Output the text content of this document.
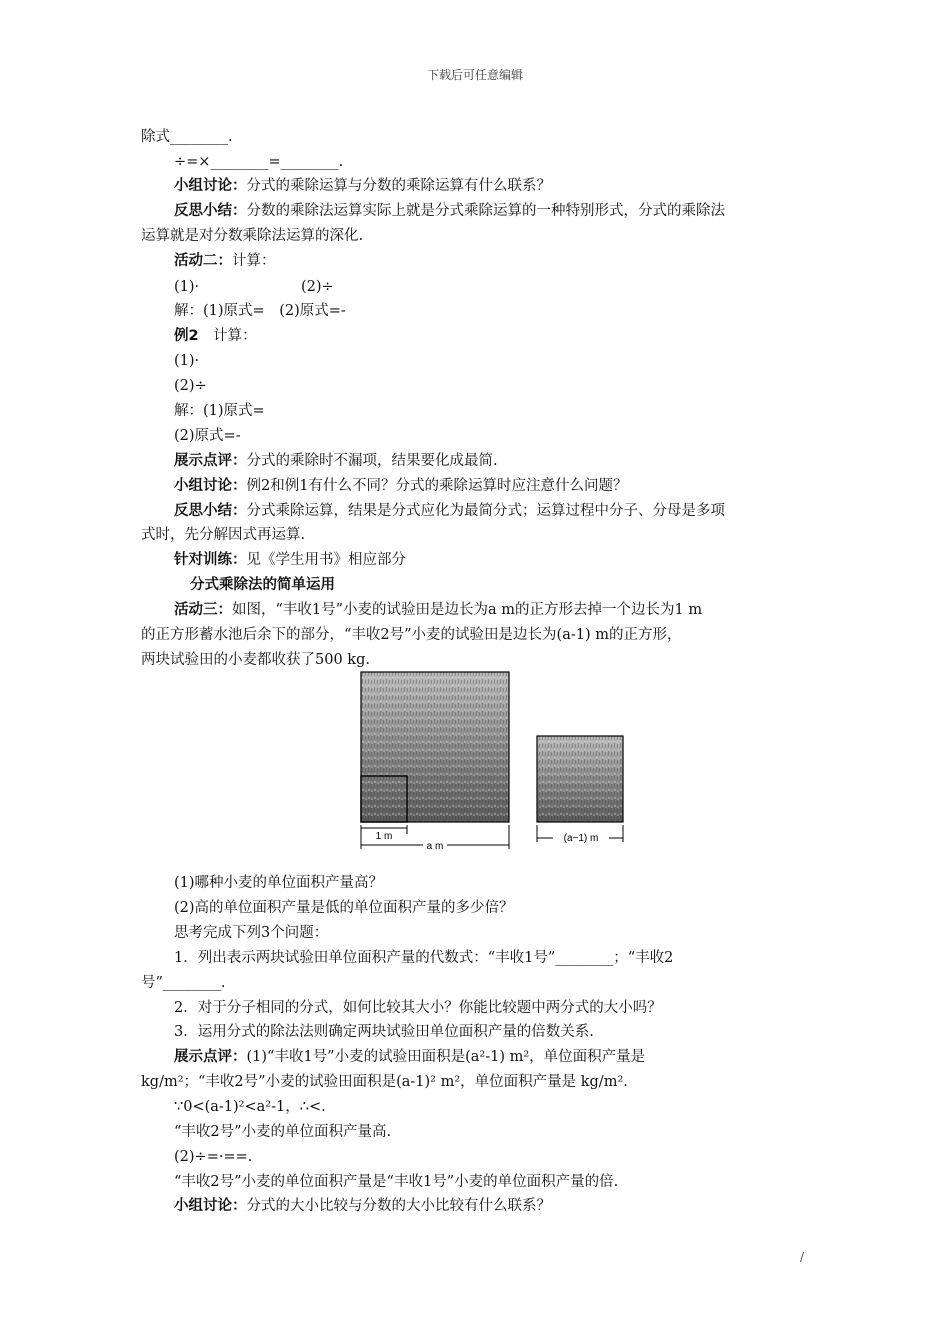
下载后可任意编辑
除式________.
÷=×________=________.
小组讨论：分式的乘除运算与分数的乘除运算有什么联系？
反思小结：分数的乘除法运算实际上就是分式乘除运算的一种特别形式，分式的乘除法
运算就是对分数乘除法运算的深化.
活动二：计算：
(1)·	(2)÷
解：(1)原式=　(2)原式=-
例2　计算：
(1)·
(2)÷
解：(1)原式=
(2)原式=-
展示点评：分式的乘除时不漏项，结果要化成最简.
小组讨论：例2和例1有什么不同？分式的乘除运算时应注意什么问题？
反思小结：分式乘除运算，结果是分式应化为最简分式；运算过程中分子、分母是多项
式时，先分解因式再运算.
针对训练：见《学生用书》相应部分
分式乘除法的简单运用
活动三：如图，“丰收1号”小麦的试验田是边长为a m的正方形去掉一个边长为1 m
的正方形蓄水池后余下的部分，“丰收2号”小麦的试验田是边长为(a-1) m的正方形，
两块试验田的小麦都收获了500 kg.
1 m
a m
(a−1) m
(1)哪种小麦的单位面积产量高？
(2)高的单位面积产量是低的单位面积产量的多少倍？
思考完成下列3个问题：
1．列出表示两块试验田单位面积产量的代数式：“丰收1号”________；“丰收2
号”________.
2．对于分子相同的分式，如何比较其大小？你能比较题中两分式的大小吗？
3．运用分式的除法法则确定两块试验田单位面积产量的倍数关系.
展示点评：(1)“丰收1号”小麦的试验田面积是(a²-1) m²，单位面积产量是
kg/m²；“丰收2号”小麦的试验田面积是(a-1)² m²，单位面积产量是 kg/m².
∵0<(a-1)²<a²-1，∴<.
“丰收2号”小麦的单位面积产量高.
(2)÷=·==.
“丰收2号”小麦的单位面积产量是“丰收1号”小麦的单位面积产量的倍.
小组讨论：分式的大小比较与分数的大小比较有什么联系？
/
